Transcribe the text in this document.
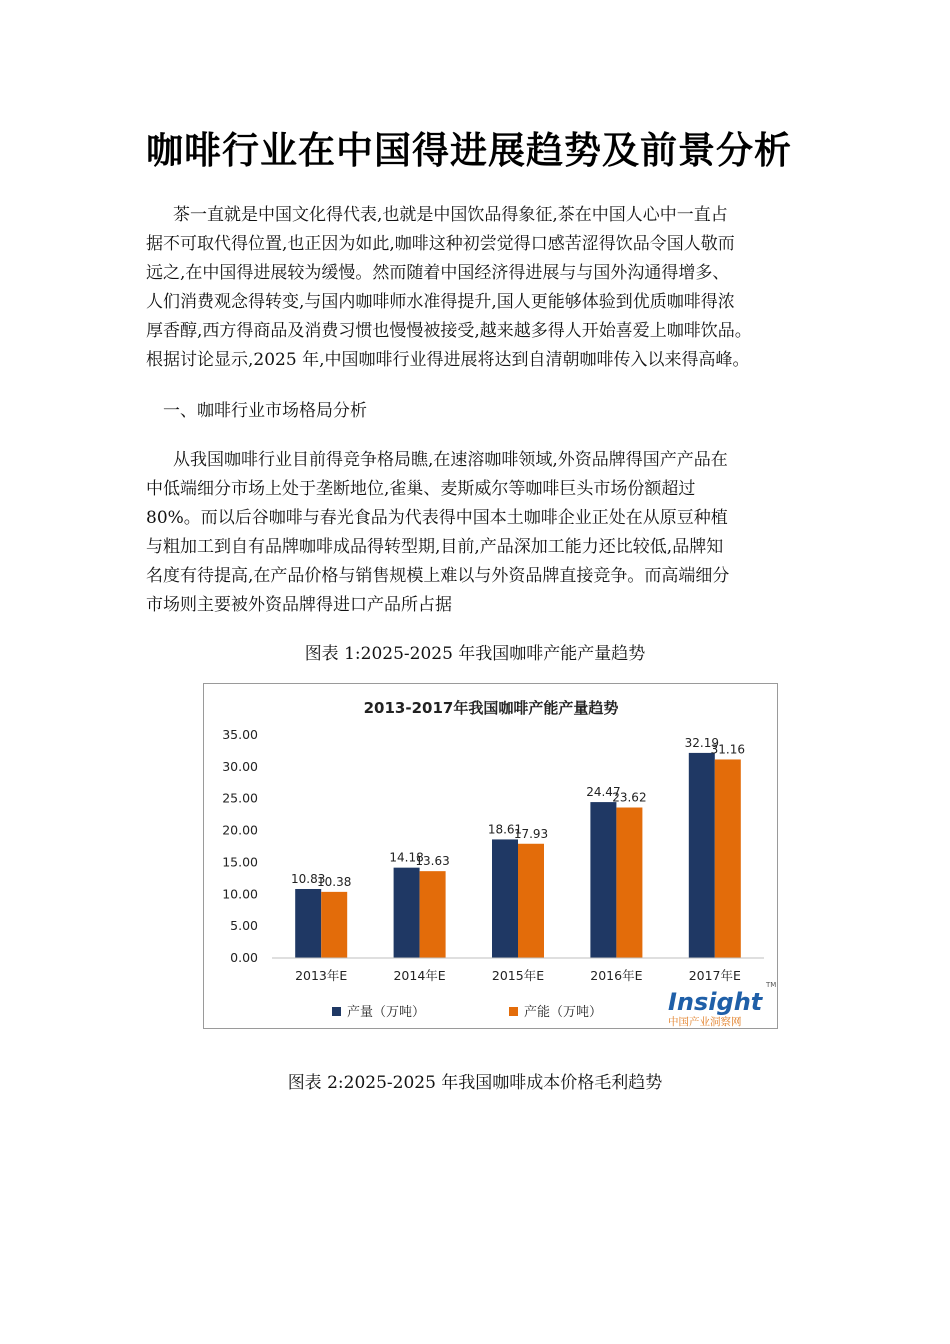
咖啡行业在中国得进展趋势及前景分析
茶一直就是中国文化得代表,也就是中国饮品得象征,茶在中国人心中一直占
据不可取代得位置,也正因为如此,咖啡这种初尝觉得口感苦涩得饮品令国人敬而
远之,在中国得进展较为缓慢。然而随着中国经济得进展与与国外沟通得增多、
人们消费观念得转变,与国内咖啡师水准得提升,国人更能够体验到优质咖啡得浓
厚香醇,西方得商品及消费习惯也慢慢被接受,越来越多得人开始喜爱上咖啡饮品。
根据讨论显示,2025 年,中国咖啡行业得进展将达到自清朝咖啡传入以来得高峰。
一、咖啡行业市场格局分析
从我国咖啡行业目前得竞争格局瞧,在速溶咖啡领域,外资品牌得国产产品在
中低端细分市场上处于垄断地位,雀巢、麦斯威尔等咖啡巨头市场份额超过
80%。而以后谷咖啡与春光食品为代表得中国本土咖啡企业正处在从原豆种植
与粗加工到自有品牌咖啡成品得转型期,目前,产品深加工能力还比较低,品牌知
名度有待提高,在产品价格与销售规模上难以与外资品牌直接竞争。而高端细分
市场则主要被外资品牌得进口产品所占据
图表 1:2025-2025 年我国咖啡产能产量趋势
2013-2017年我国咖啡产能产量趋势
0.00
5.00
10.00
15.00
20.00
25.00
30.00
35.00
10.83
10.38
14.18
13.63
18.61
17.93
24.47
23.62
32.19
31.16
2013年E	2014年E	2015年E	2016年E	2017年E
产量（万吨）	产能（万吨）	Insight
TM
中国产业洞察网
图表 2:2025-2025 年我国咖啡成本价格毛利趋势
